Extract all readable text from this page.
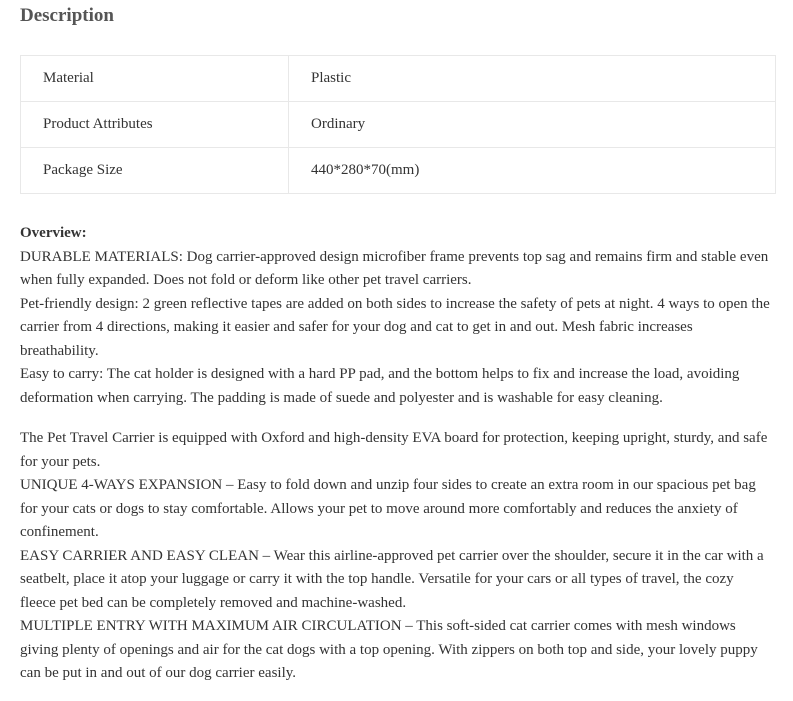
Description
Material	Plastic
Product Attributes	Ordinary
Package Size	440*280*70(mm)

Overview:

DURABLE MATERIALS: Dog carrier-approved design microfiber frame prevents top sag and remains firm and stable even when fully expanded. Does not fold or deform like other pet travel carriers.

Pet-friendly design: 2 green reflective tapes are added on both sides to increase the safety of pets at night. 4 ways to open the carrier from 4 directions, making it easier and safer for your dog and cat to get in and out. Mesh fabric increases breathability.

Easy to carry: The cat holder is designed with a hard PP pad, and the bottom helps to fix and increase the load, avoiding deformation when carrying. The padding is made of suede and polyester and is washable for easy cleaning.

The Pet Travel Carrier is equipped with Oxford and high-density EVA board for protection, keeping upright, sturdy, and safe for your pets.

UNIQUE 4-WAYS EXPANSION – Easy to fold down and unzip four sides to create an extra room in our spacious pet bag for your cats or dogs to stay comfortable. Allows your pet to move around more comfortably and reduces the anxiety of confinement.

EASY CARRIER AND EASY CLEAN – Wear this airline-approved pet carrier over the shoulder, secure it in the car with a seatbelt, place it atop your luggage or carry it with the top handle. Versatile for your cars or all types of travel, the cozy fleece pet bed can be completely removed and machine-washed.

MULTIPLE ENTRY WITH MAXIMUM AIR CIRCULATION – This soft-sided cat carrier comes with mesh windows giving plenty of openings and air for the cat dogs with a top opening. With zippers on both top and side, your lovely puppy can be put in and out of our dog carrier easily.
